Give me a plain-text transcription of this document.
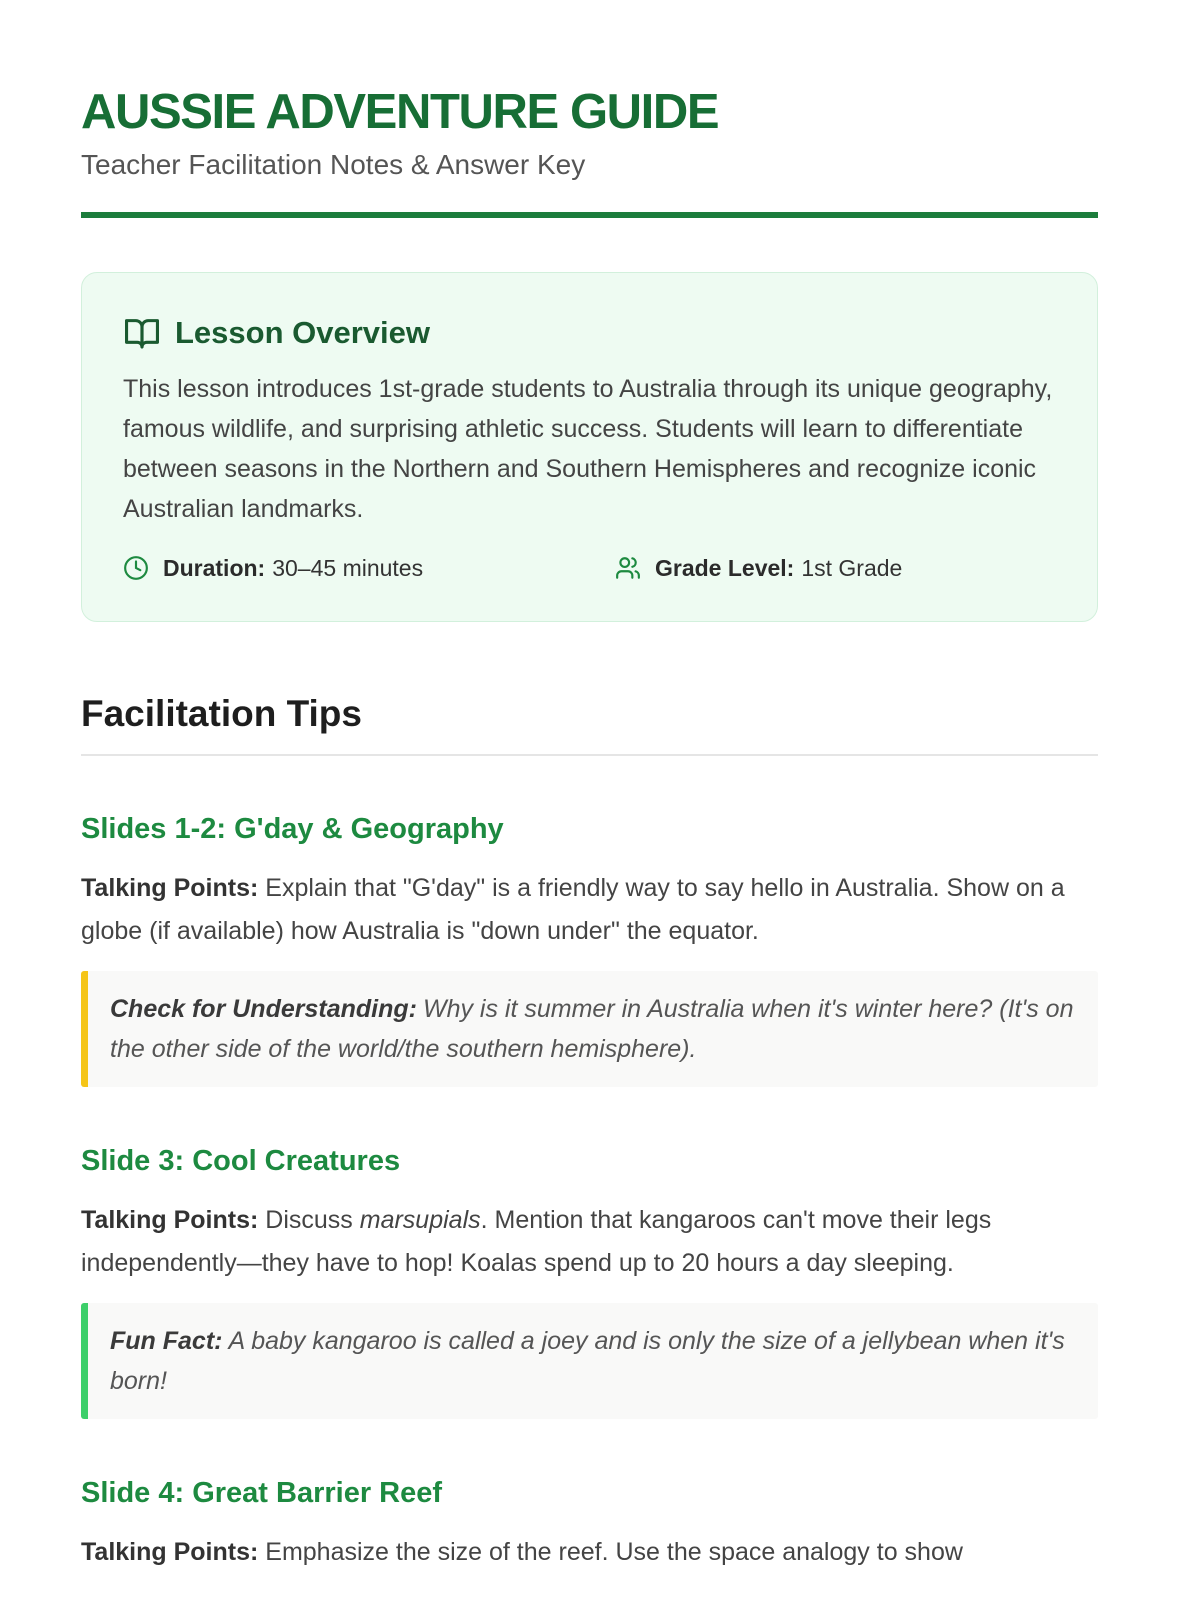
AUSSIE ADVENTURE GUIDE

Teacher Facilitation Notes & Answer Key

Lesson Overview

This lesson introduces 1st-grade students to Australia through its unique geography, famous wildlife, and surprising athletic success. Students will learn to differentiate between seasons in the Northern and Southern Hemispheres and recognize iconic Australian landmarks.

Duration: 30–45 minutes	Grade Level: 1st Grade
Facilitation Tips
Slides 1-2: G'day & Geography

Talking Points: Explain that "G'day" is a friendly way to say hello in Australia. Show on a globe (if available) how Australia is "down under" the equator.

Check for Understanding: Why is it summer in Australia when it's winter here? (It's on the other side of the world/the southern hemisphere).
Slide 3: Cool Creatures

Talking Points: Discuss marsupials. Mention that kangaroos can't move their legs independently—they have to hop! Koalas spend up to 20 hours a day sleeping.

Fun Fact: A baby kangaroo is called a joey and is only the size of a jellybean when it's born!
Slide 4: Great Barrier Reef

Talking Points: Emphasize the size of the reef. Use the space analogy to show
